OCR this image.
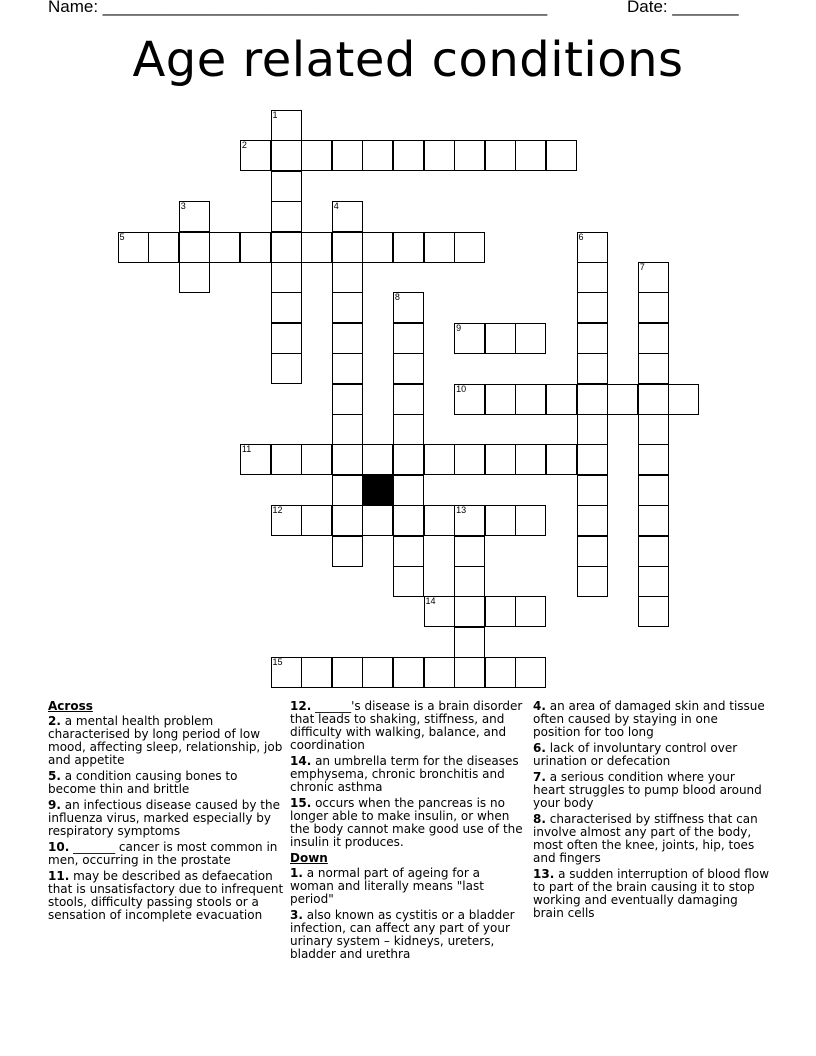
Name: _______________________________________________	Date: _______
Age related conditions
1
2
3	4
5	6
7
8
9
10
11
12	13
14
15
Across
2. a mental health problem characterised by long period of low mood, affecting sleep, relationship, job and appetite
5. a condition causing bones to become thin and brittle
9. an infectious disease caused by the influenza virus, marked especially by respiratory symptoms
10. _______ cancer is most common in men, occurring in the prostate
11. may be described as defaecation that is unsatisfactory due to infrequent stools, difficulty passing stools or a sensation of incomplete evacuation
12. ______'s disease is a brain disorder that leads to shaking, stiffness, and difficulty with walking, balance, and coordination
14. an umbrella term for the diseases emphysema, chronic bronchitis and chronic asthma
15. occurs when the pancreas is no longer able to make insulin, or when the body cannot make good use of the insulin it produces.
Down
1. a normal part of ageing for a woman and literally means "last period"
3. also known as cystitis or a bladder infection, can affect any part of your urinary system – kidneys, ureters, bladder and urethra
4. an area of damaged skin and tissue often caused by staying in one position for too long
6. lack of involuntary control over urination or defecation
7. a serious condition where your heart struggles to pump blood around your body
8. characterised by stiffness that can involve almost any part of the body, most often the knee, joints, hip, toes and fingers
13. a sudden interruption of blood flow to part of the brain causing it to stop working and eventually damaging brain cells
